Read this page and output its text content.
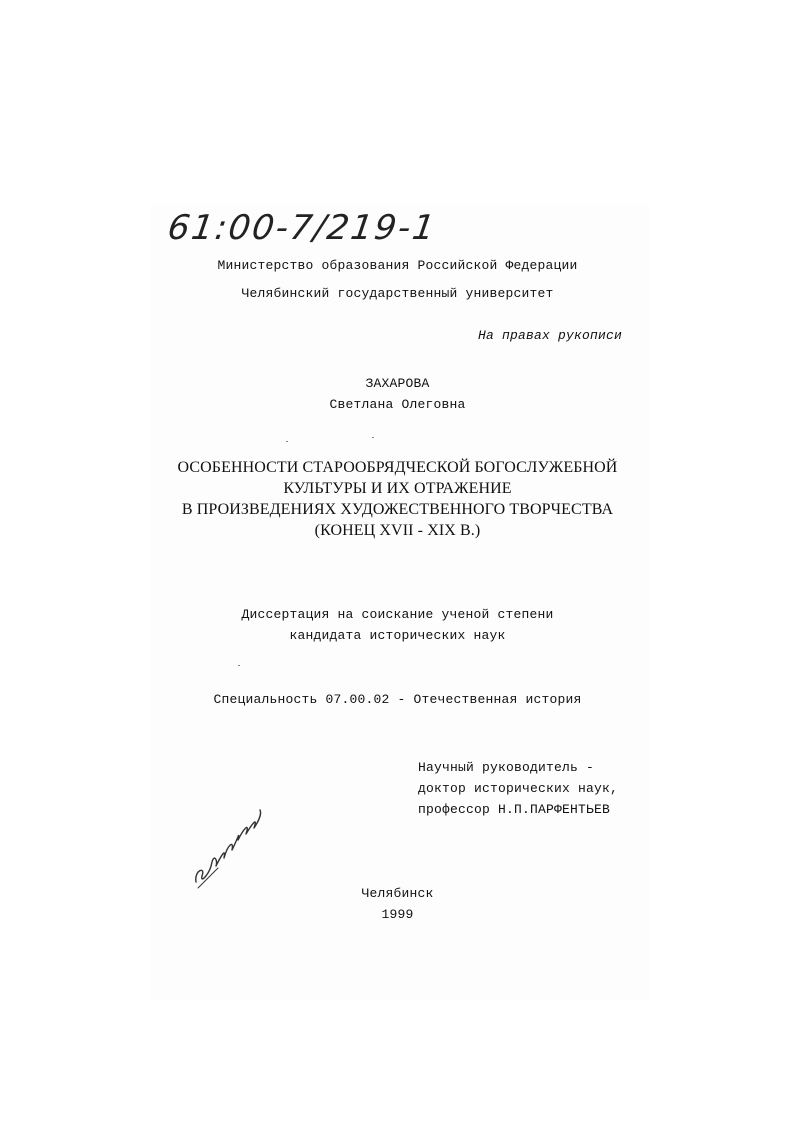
61:00-7/219-1
Министерство образования Российской Федерации
Челябинский государственный университет
На правах рукописи
ЗАХАРОВА
Светлана Олеговна
ОСОБЕННОСТИ СТАРООБРЯДЧЕСКОЙ БОГОСЛУЖЕБНОЙ
КУЛЬТУРЫ И ИХ ОТРАЖЕНИЕ
В ПРОИЗВЕДЕНИЯХ ХУДОЖЕСТВЕННОГО ТВОРЧЕСТВА
(КОНЕЦ XVII - XIX В.)
Диссертация на соискание ученой степени
кандидата исторических наук
Специальность 07.00.02 - Отечественная история
Научный руководитель -
доктор исторических наук,
профессор Н.П.ПАРФЕНТЬЕВ
Челябинск
1999
